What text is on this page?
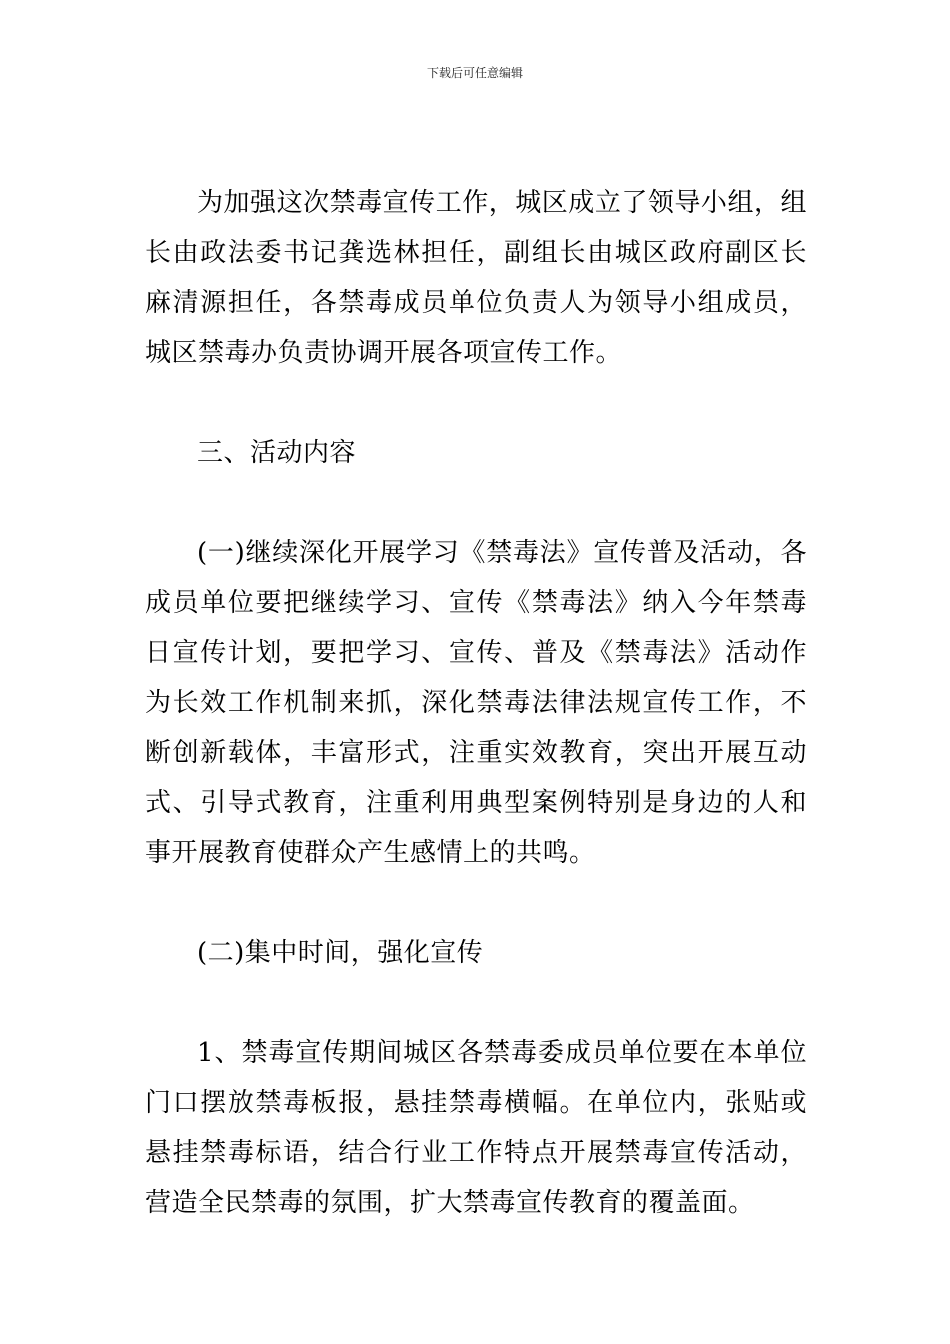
下载后可任意编辑

为加强这次禁毒宣传工作，城区成立了领导小组，组长由政法委书记龚选林担任，副组长由城区政府副区长麻清源担任，各禁毒成员单位负责人为领导小组成员，城区禁毒办负责协调开展各项宣传工作。

三、活动内容

(一)继续深化开展学习《禁毒法》宣传普及活动，各成员单位要把继续学习、宣传《禁毒法》纳入今年禁毒日宣传计划，要把学习、宣传、普及《禁毒法》活动作为长效工作机制来抓，深化禁毒法律法规宣传工作，不断创新载体，丰富形式，注重实效教育，突出开展互动式、引导式教育，注重利用典型案例特别是身边的人和事开展教育使群众产生感情上的共鸣。

(二)集中时间，强化宣传

1、禁毒宣传期间城区各禁毒委成员单位要在本单位门口摆放禁毒板报，悬挂禁毒横幅。在单位内，张贴或悬挂禁毒标语，结合行业工作特点开展禁毒宣传活动，营造全民禁毒的氛围，扩大禁毒宣传教育的覆盖面。
